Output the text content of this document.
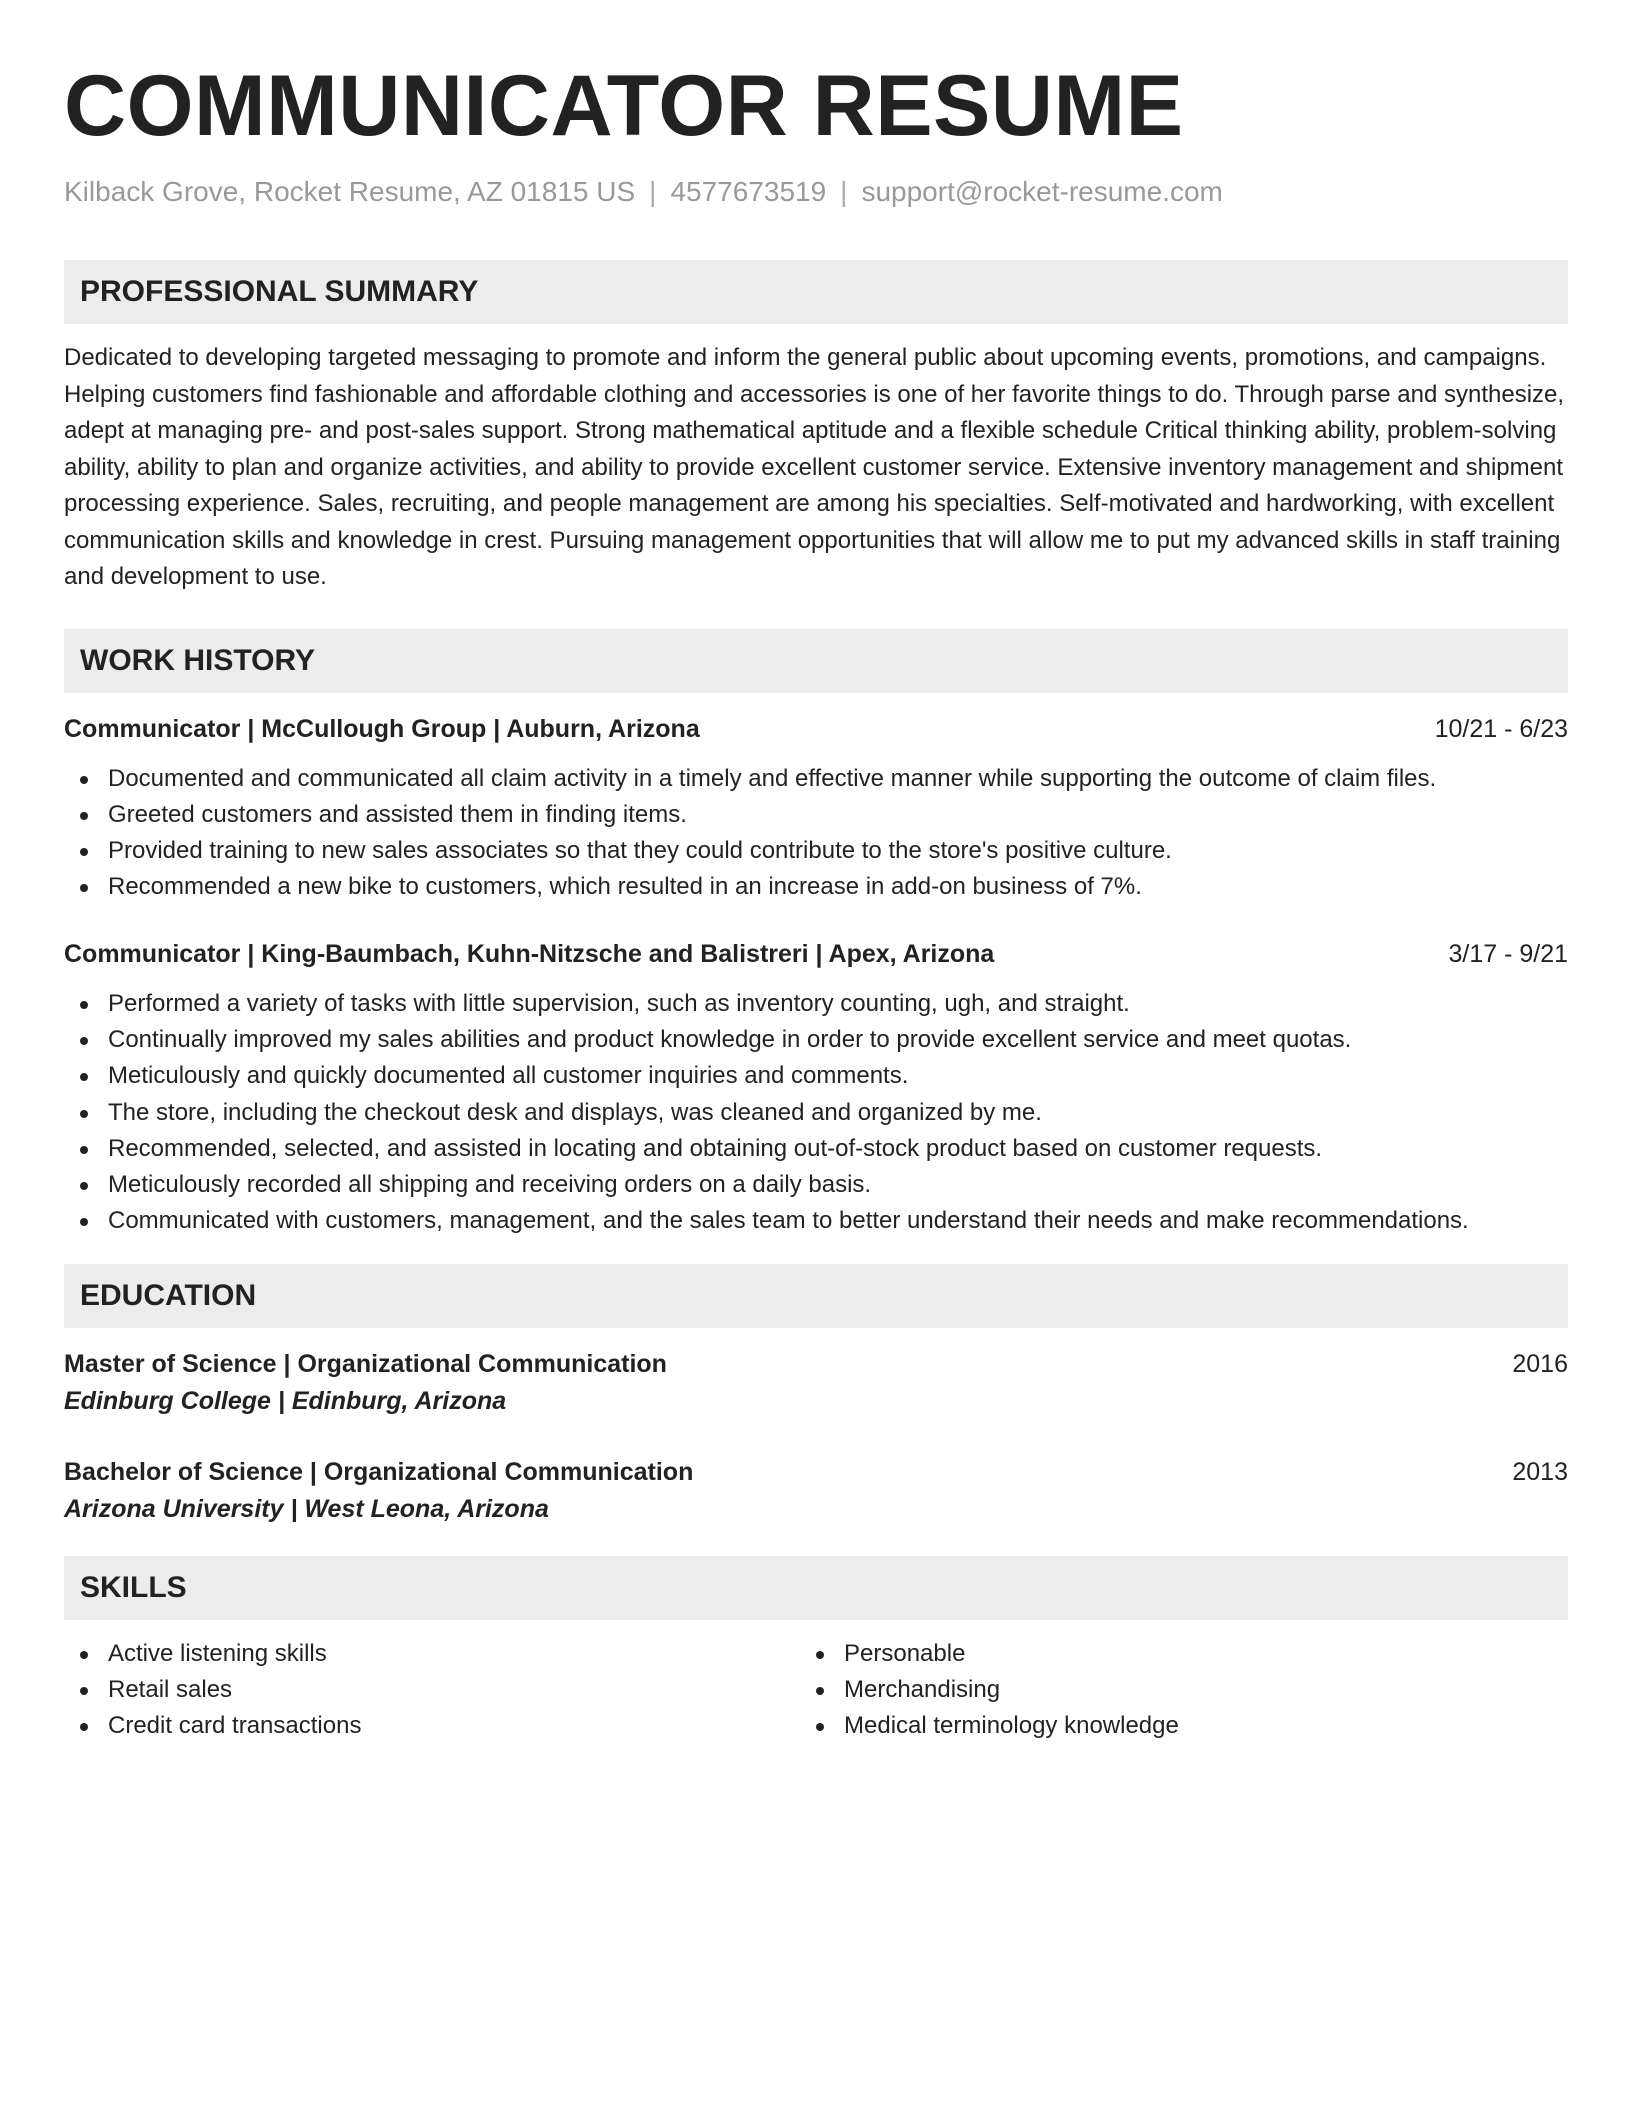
COMMUNICATOR RESUME
Kilback Grove, Rocket Resume, AZ 01815 US | 4577673519 | support@rocket-resume.com
PROFESSIONAL SUMMARY
Dedicated to developing targeted messaging to promote and inform the general public about upcoming events, promotions, and campaigns. Helping customers find fashionable and affordable clothing and accessories is one of her favorite things to do. Through parse and synthesize, adept at managing pre- and post-sales support. Strong mathematical aptitude and a flexible schedule Critical thinking ability, problem-solving ability, ability to plan and organize activities, and ability to provide excellent customer service. Extensive inventory management and shipment processing experience. Sales, recruiting, and people management are among his specialties. Self-motivated and hardworking, with excellent communication skills and knowledge in crest. Pursuing management opportunities that will allow me to put my advanced skills in staff training and development to use.
WORK HISTORY
Communicator | McCullough Group | Auburn, Arizona	10/21 - 6/23
Documented and communicated all claim activity in a timely and effective manner while supporting the outcome of claim files.
Greeted customers and assisted them in finding items.
Provided training to new sales associates so that they could contribute to the store's positive culture.
Recommended a new bike to customers, which resulted in an increase in add-on business of 7%.
Communicator | King-Baumbach, Kuhn-Nitzsche and Balistreri | Apex, Arizona	3/17 - 9/21
Performed a variety of tasks with little supervision, such as inventory counting, ugh, and straight.
Continually improved my sales abilities and product knowledge in order to provide excellent service and meet quotas.
Meticulously and quickly documented all customer inquiries and comments.
The store, including the checkout desk and displays, was cleaned and organized by me.
Recommended, selected, and assisted in locating and obtaining out-of-stock product based on customer requests.
Meticulously recorded all shipping and receiving orders on a daily basis.
Communicated with customers, management, and the sales team to better understand their needs and make recommendations.
EDUCATION
Master of Science | Organizational Communication	2016
Edinburg College | Edinburg, Arizona
Bachelor of Science | Organizational Communication	2013
Arizona University | West Leona, Arizona
SKILLS
Active listening skills
Retail sales
Credit card transactions
Personable
Merchandising
Medical terminology knowledge
